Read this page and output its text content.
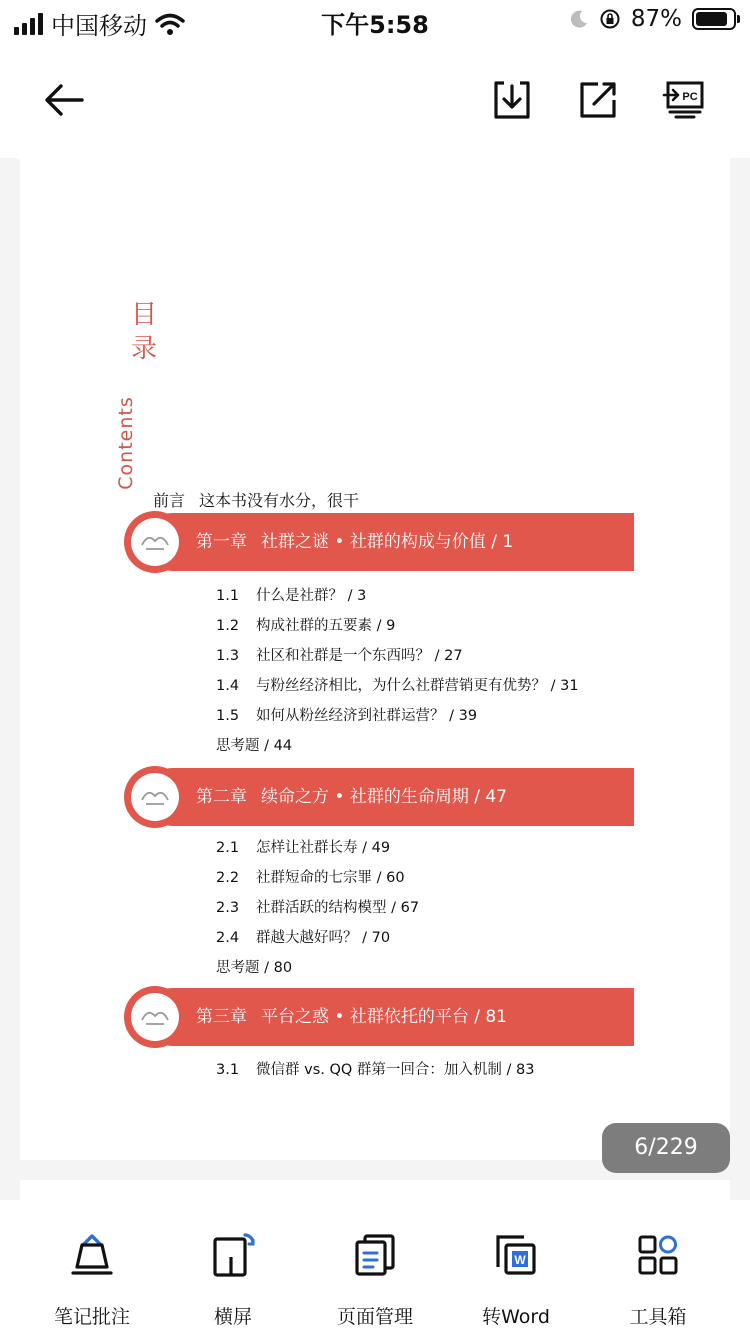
中国移动	下午5:58	87%
PC
目录
Contents
前言 这本书没有水分，很干
第一章 社群之谜 • 社群的构成与价值 / 1
1.1 什么是社群？ / 3
1.2 构成社群的五要素 / 9
1.3 社区和社群是一个东西吗？ / 27
1.4 与粉丝经济相比，为什么社群营销更有优势？ / 31
1.5 如何从粉丝经济到社群运营？ / 39
思考题 / 44
第二章 续命之方 • 社群的生命周期 / 47
2.1 怎样让社群长寿 / 49
2.2 社群短命的七宗罪 / 60
2.3 社群活跃的结构模型 / 67
2.4 群越大越好吗？ / 70
思考题 / 80
第三章 平台之惑 • 社群依托的平台 / 81
3.1 微信群 vs. QQ 群第一回合：加入机制 / 83
6/229
笔记批注	横屏	页面管理
W
转Word	工具箱
